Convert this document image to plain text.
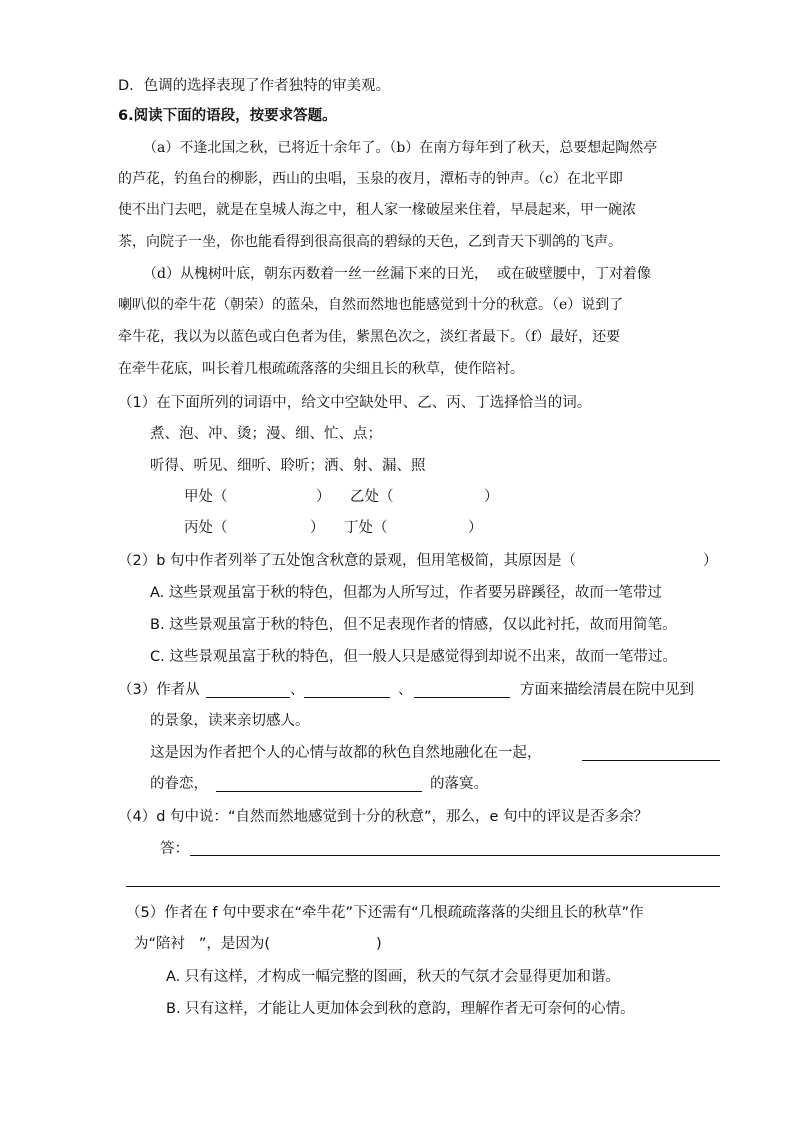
D．色调的选择表现了作者独特的审美观。
6.阅读下面的语段，按要求答题。
（a）不逢北国之秋，已将近十余年了。（b）在南方每年到了秋天，总要想起陶然亭
的芦花，钓鱼台的柳影，西山的虫唱，玉泉的夜月，潭柘寺的钟声。（c）在北平即
使不出门去吧，就是在皇城人海之中，租人家一椽破屋来住着，早晨起来，甲一碗浓
茶，向院子一坐，你也能看得到很高很高的碧绿的天色，乙到青天下驯鸽的飞声。
（d）从槐树叶底，朝东丙数着一丝一丝漏下来的日光，  或在破壁腰中，丁对着像
喇叭似的牵牛花（朝荣）的蓝朵，自然而然地也能感觉到十分的秋意。（e）说到了
牵牛花，我以为以蓝色或白色者为佳，紫黑色次之，淡红者最下。（f）最好，还要
在牵牛花底，叫长着几根疏疏落落的尖细且长的秋草，使作陪衬。
（1）在下面所列的词语中，给文中空缺处甲、乙、丙、丁选择恰当的词。
煮、泡、冲、烫；漫、细、忙、点；
听得、听见、细听、聆听；洒、射、漏、照
甲处（	） 乙处（	）
丙处（	） 丁处（	）
（2）b 句中作者列举了五处饱含秋意的景观，但用笔极简，其原因是（	）
A. 这些景观虽富于秋的特色，但都为人所写过，作者要另辟蹊径，故而一笔带过
B. 这些景观虽富于秋的特色，但不足表现作者的情感，仅以此衬托，故而用简笔。
C. 这些景观虽富于秋的特色，但一般人只是感觉得到却说不出来，故而一笔带过。
（3）作者从	、	、	方面来描绘清晨在院中见到
的景象，读来亲切感人。
这是因为作者把个人的心情与故都的秋色自然地融化在一起，
的眷恋，	的落寞。
（4）d 句中说：“自然而然地感觉到十分的秋意”，那么，e 句中的评议是否多余？
答：
（5）作者在 f 句中要求在“牵牛花”下还需有“几根疏疏落落的尖细且长的秋草”作
为“陪衬   ”，是因为(	)
A. 只有这样，才构成一幅完整的图画，秋天的气氛才会显得更加和谐。
B. 只有这样，才能让人更加体会到秋的意韵，理解作者无可奈何的心情。
